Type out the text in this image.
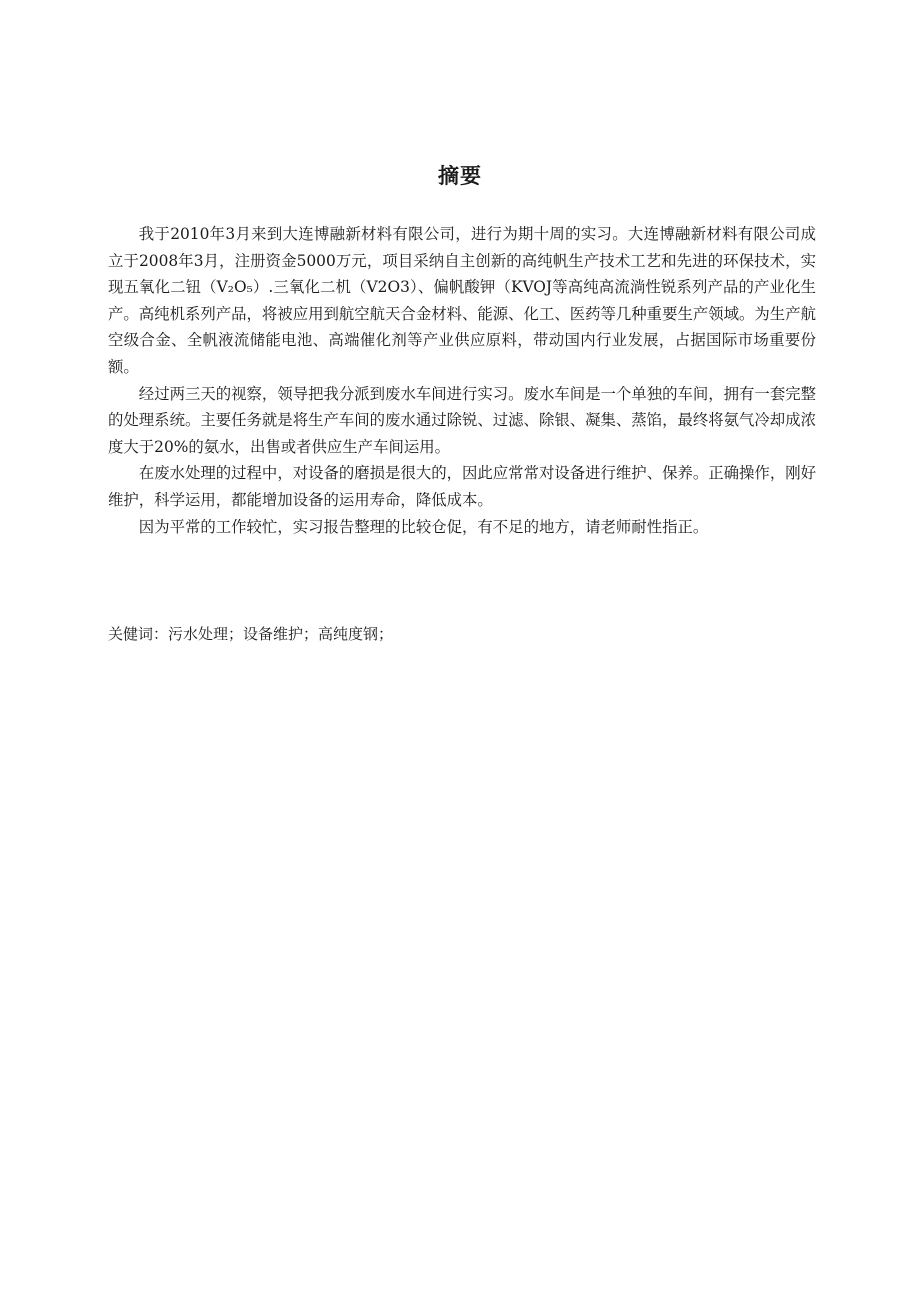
摘要

我于2010年3月来到大连博融新材料有限公司，进行为期十周的实习。大连博融新材料有限公司成立于2008年3月，注册资金5000万元，项目采纳自主创新的高纯帆生产技术工艺和先进的环保技术，实现五氧化二钮（V₂O₅）.三氧化二机（V2O3）、偏帆酸钾（KVOJ等高纯高流淌性锐系列产品的产业化生产。高纯机系列产品，将被应用到航空航天合金材料、能源、化工、医药等几种重要生产领域。为生产航空级合金、全帆液流储能电池、高端催化剂等产业供应原料，带动国内行业发展，占据国际市场重要份额。

经过两三天的视察，领导把我分派到废水车间进行实习。废水车间是一个单独的车间，拥有一套完整的处理系统。主要任务就是将生产车间的废水通过除锐、过滤、除银、凝集、蒸馅，最终将氨气冷却成浓度大于20%的氨水，出售或者供应生产车间运用。

在废水处理的过程中，对设备的磨损是很大的，因此应常常对设备进行维护、保养。正确操作，刚好维护，科学运用，都能增加设备的运用寿命，降低成本。

因为平常的工作较忙，实习报告整理的比较仓促，有不足的地方，请老师耐性指正。

关健词：污水处理；设备维护；高纯度钢；
